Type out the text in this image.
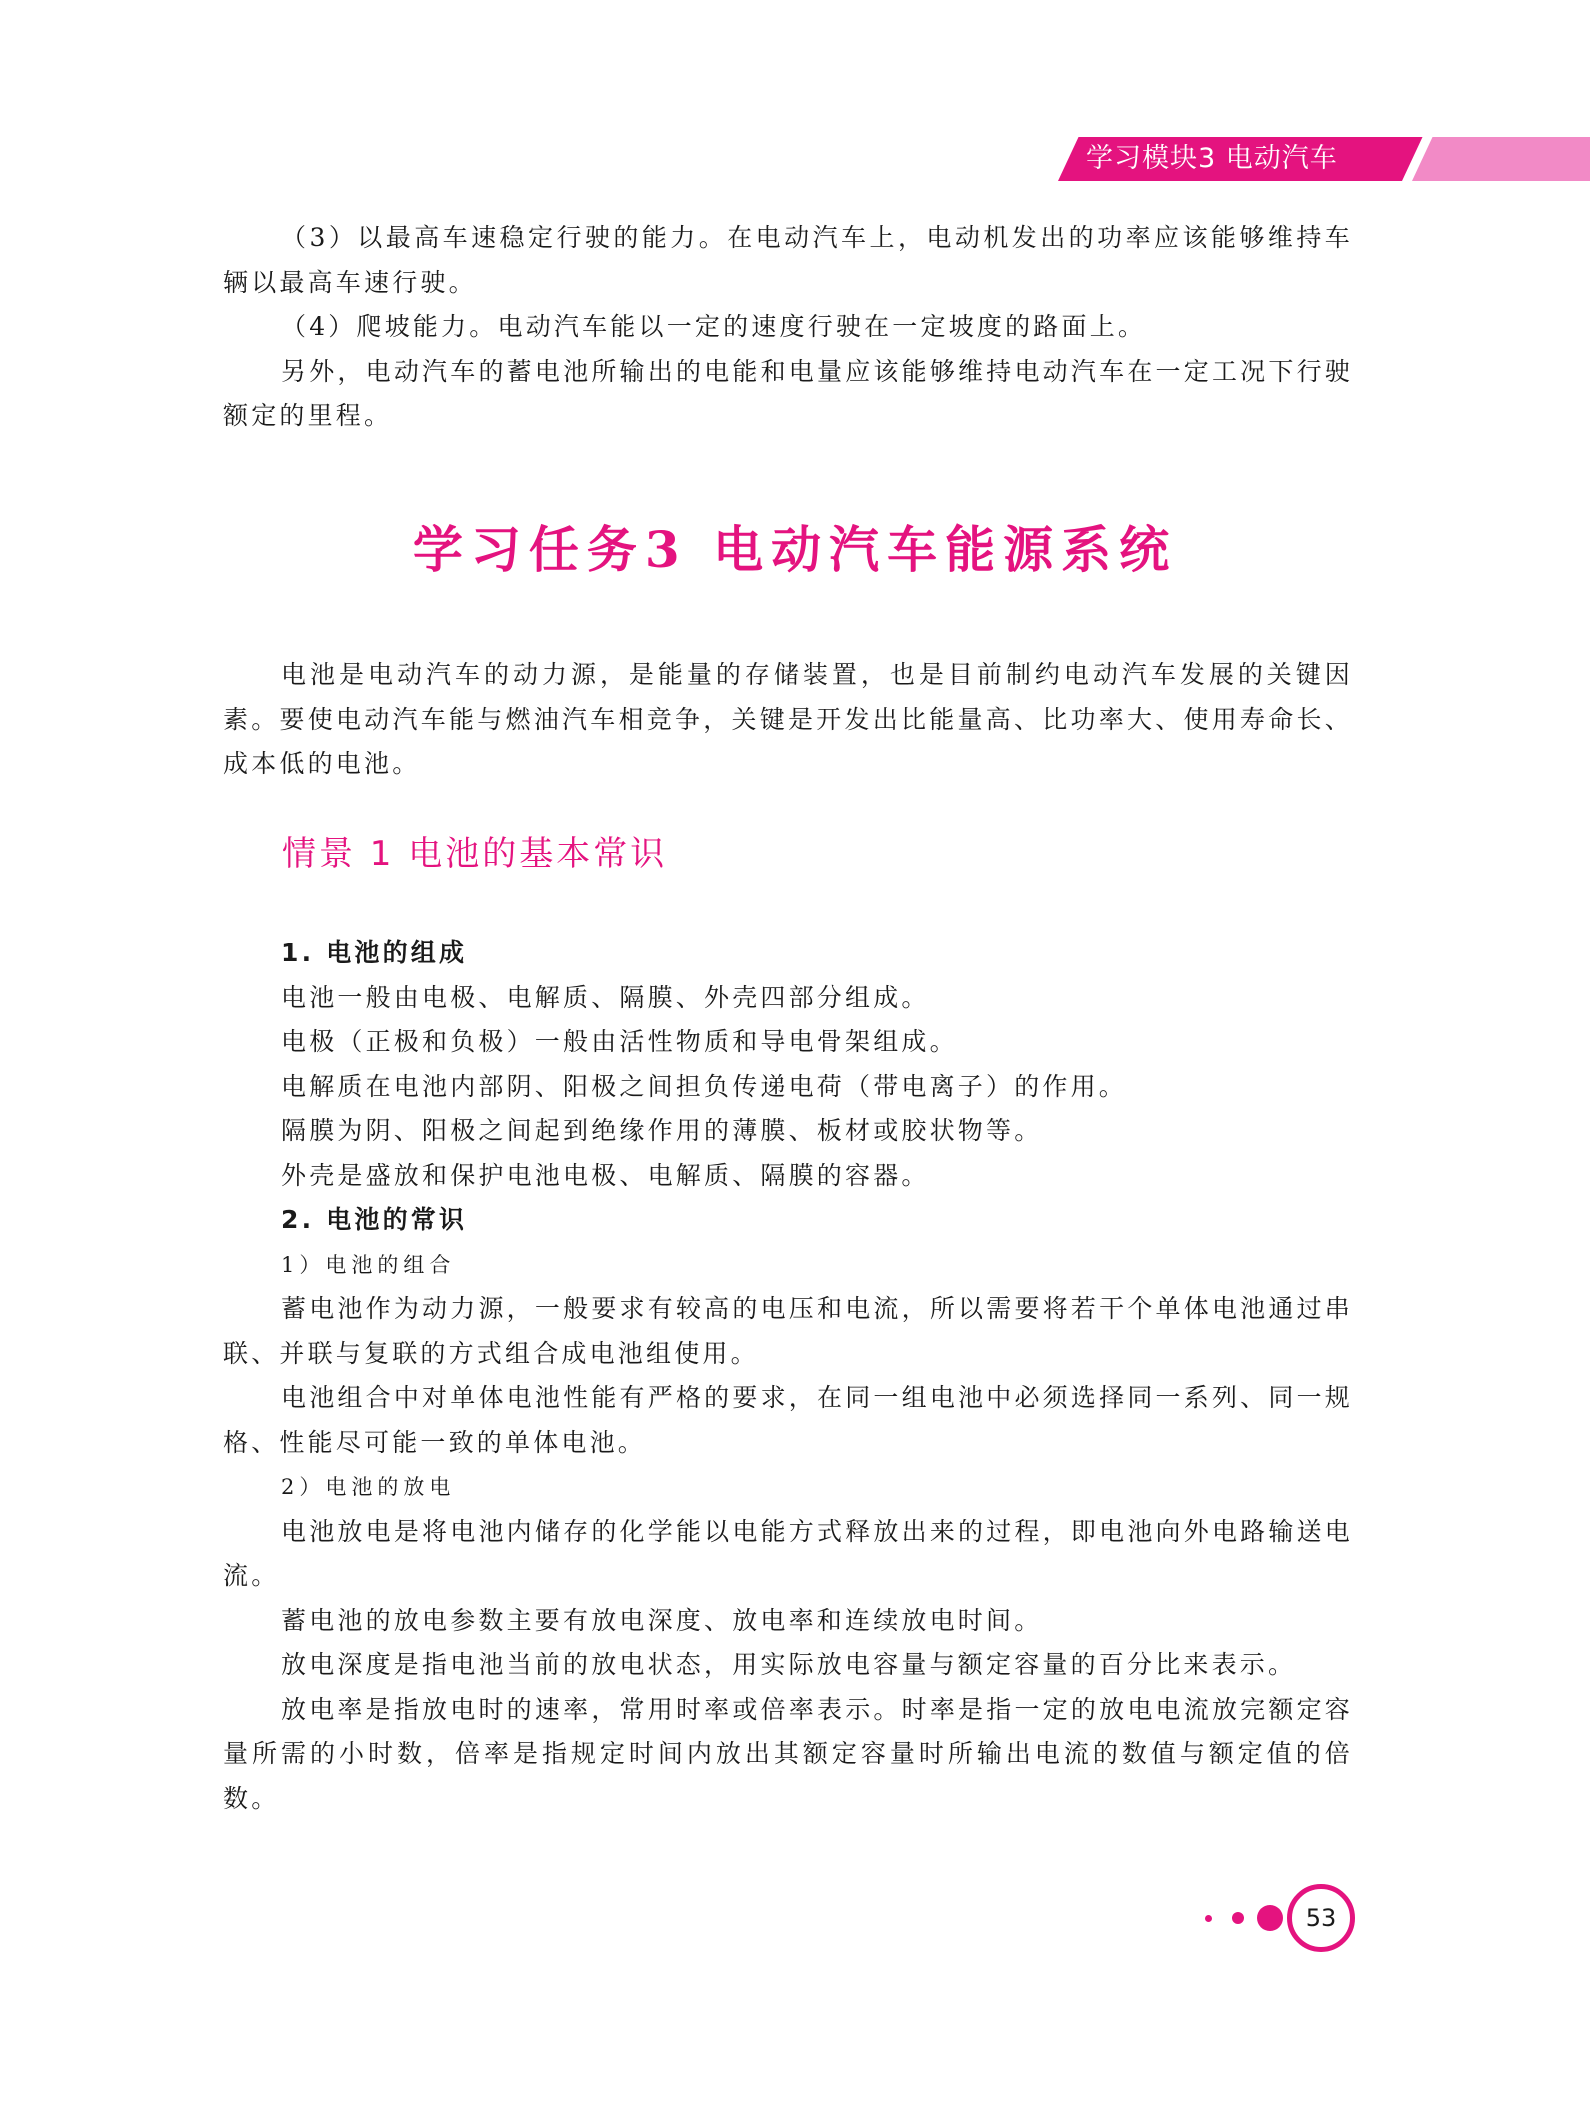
学习模块3 电动汽车

（3）以最高车速稳定行驶的能力。在电动汽车上，电动机发出的功率应该能够维持车辆以最高车速行驶。

（4）爬坡能力。电动汽车能以一定的速度行驶在一定坡度的路面上。

另外，电动汽车的蓄电池所输出的电能和电量应该能够维持电动汽车在一定工况下行驶额定的里程。

学习任务3 电动汽车能源系统

电池是电动汽车的动力源，是能量的存储装置，也是目前制约电动汽车发展的关键因素。要使电动汽车能与燃油汽车相竞争，关键是开发出比能量高、比功率大、使用寿命长、成本低的电池。

情景 1 电池的基本常识

1. 电池的组成

电池一般由电极、电解质、隔膜、外壳四部分组成。

电极（正极和负极）一般由活性物质和导电骨架组成。

电解质在电池内部阴、阳极之间担负传递电荷（带电离子）的作用。

隔膜为阴、阳极之间起到绝缘作用的薄膜、板材或胶状物等。

外壳是盛放和保护电池电极、电解质、隔膜的容器。

2. 电池的常识

1）电池的组合

蓄电池作为动力源，一般要求有较高的电压和电流，所以需要将若干个单体电池通过串联、并联与复联的方式组合成电池组使用。

电池组合中对单体电池性能有严格的要求，在同一组电池中必须选择同一系列、同一规格、性能尽可能一致的单体电池。

2）电池的放电

电池放电是将电池内储存的化学能以电能方式释放出来的过程，即电池向外电路输送电流。

蓄电池的放电参数主要有放电深度、放电率和连续放电时间。

放电深度是指电池当前的放电状态，用实际放电容量与额定容量的百分比来表示。

放电率是指放电时的速率，常用时率或倍率表示。时率是指一定的放电电流放完额定容量所需的小时数，倍率是指规定时间内放出其额定容量时所输出电流的数值与额定值的倍数。

53
